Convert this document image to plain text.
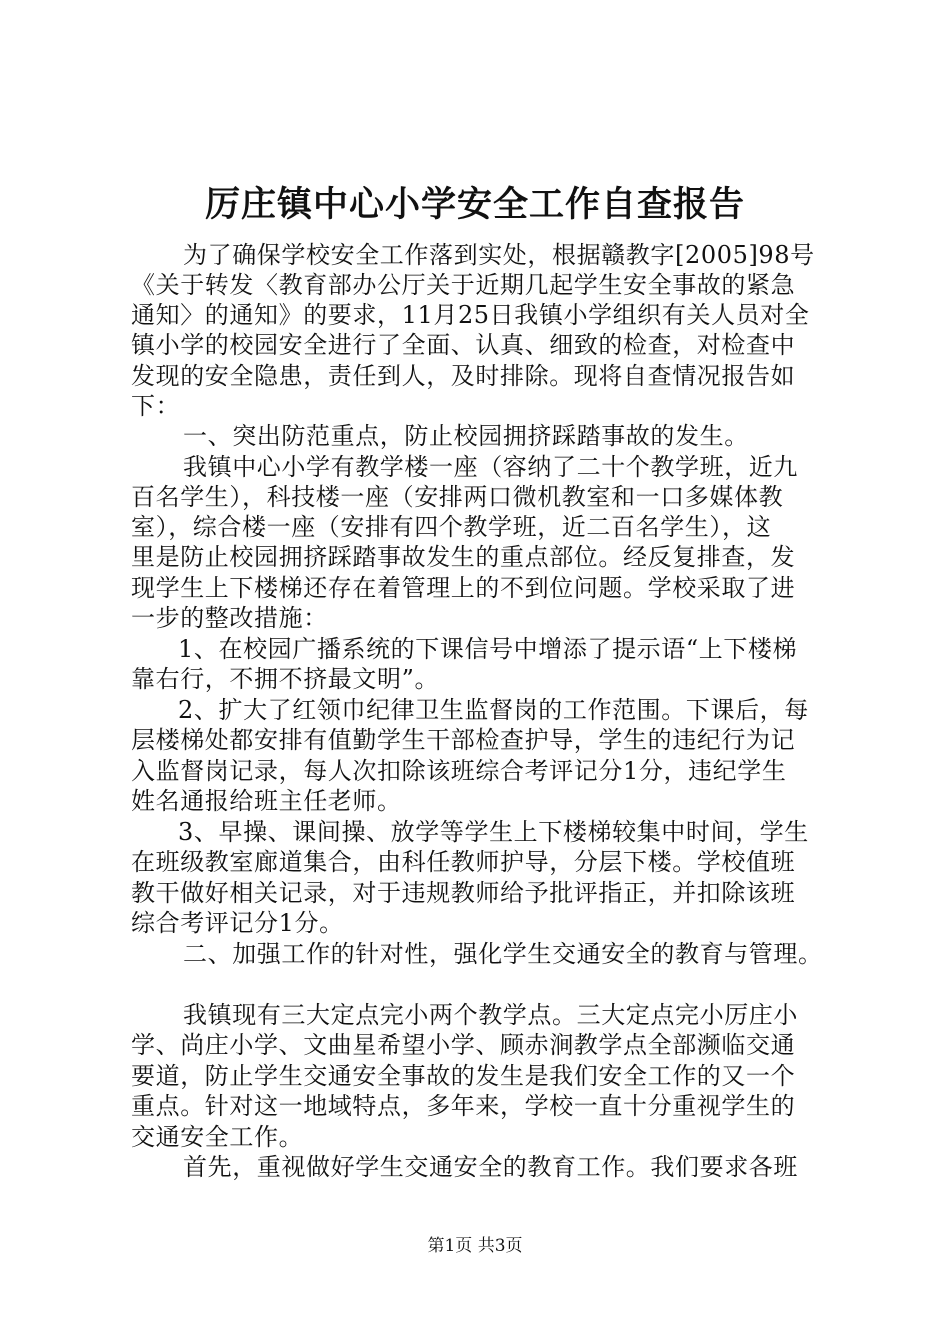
厉庄镇中心小学安全工作自查报告
为了确保学校安全工作落到实处，根据赣教字[2005]98号
《关于转发〈教育部办公厅关于近期几起学生安全事故的紧急
通知〉的通知》的要求，11月25日我镇小学组织有关人员对全
镇小学的校园安全进行了全面、认真、细致的检查，对检查中
发现的安全隐患，责任到人，及时排除。现将自查情况报告如
下：
一、突出防范重点，防止校园拥挤踩踏事故的发生。
我镇中心小学有教学楼一座（容纳了二十个教学班，近九
百名学生），科技楼一座（安排两口微机教室和一口多媒体教
室），综合楼一座（安排有四个教学班，近二百名学生），这
里是防止校园拥挤踩踏事故发生的重点部位。经反复排查，发
现学生上下楼梯还存在着管理上的不到位问题。学校采取了进
一步的整改措施：
1、在校园广播系统的下课信号中增添了提示语“上下楼梯
靠右行，不拥不挤最文明”。
2、扩大了红领巾纪律卫生监督岗的工作范围。下课后，每
层楼梯处都安排有值勤学生干部检查护导，学生的违纪行为记
入监督岗记录，每人次扣除该班综合考评记分1分，违纪学生
姓名通报给班主任老师。
3、早操、课间操、放学等学生上下楼梯较集中时间，学生
在班级教室廊道集合，由科任教师护导，分层下楼。学校值班
教干做好相关记录，对于违规教师给予批评指正，并扣除该班
综合考评记分1分。
二、加强工作的针对性，强化学生交通安全的教育与管理。
我镇现有三大定点完小两个教学点。三大定点完小厉庄小
学、尚庄小学、文曲星希望小学、顾赤涧教学点全部濒临交通
要道，防止学生交通安全事故的发生是我们安全工作的又一个
重点。针对这一地域特点，多年来，学校一直十分重视学生的
交通安全工作。
首先，重视做好学生交通安全的教育工作。我们要求各班
第1页 共3页
